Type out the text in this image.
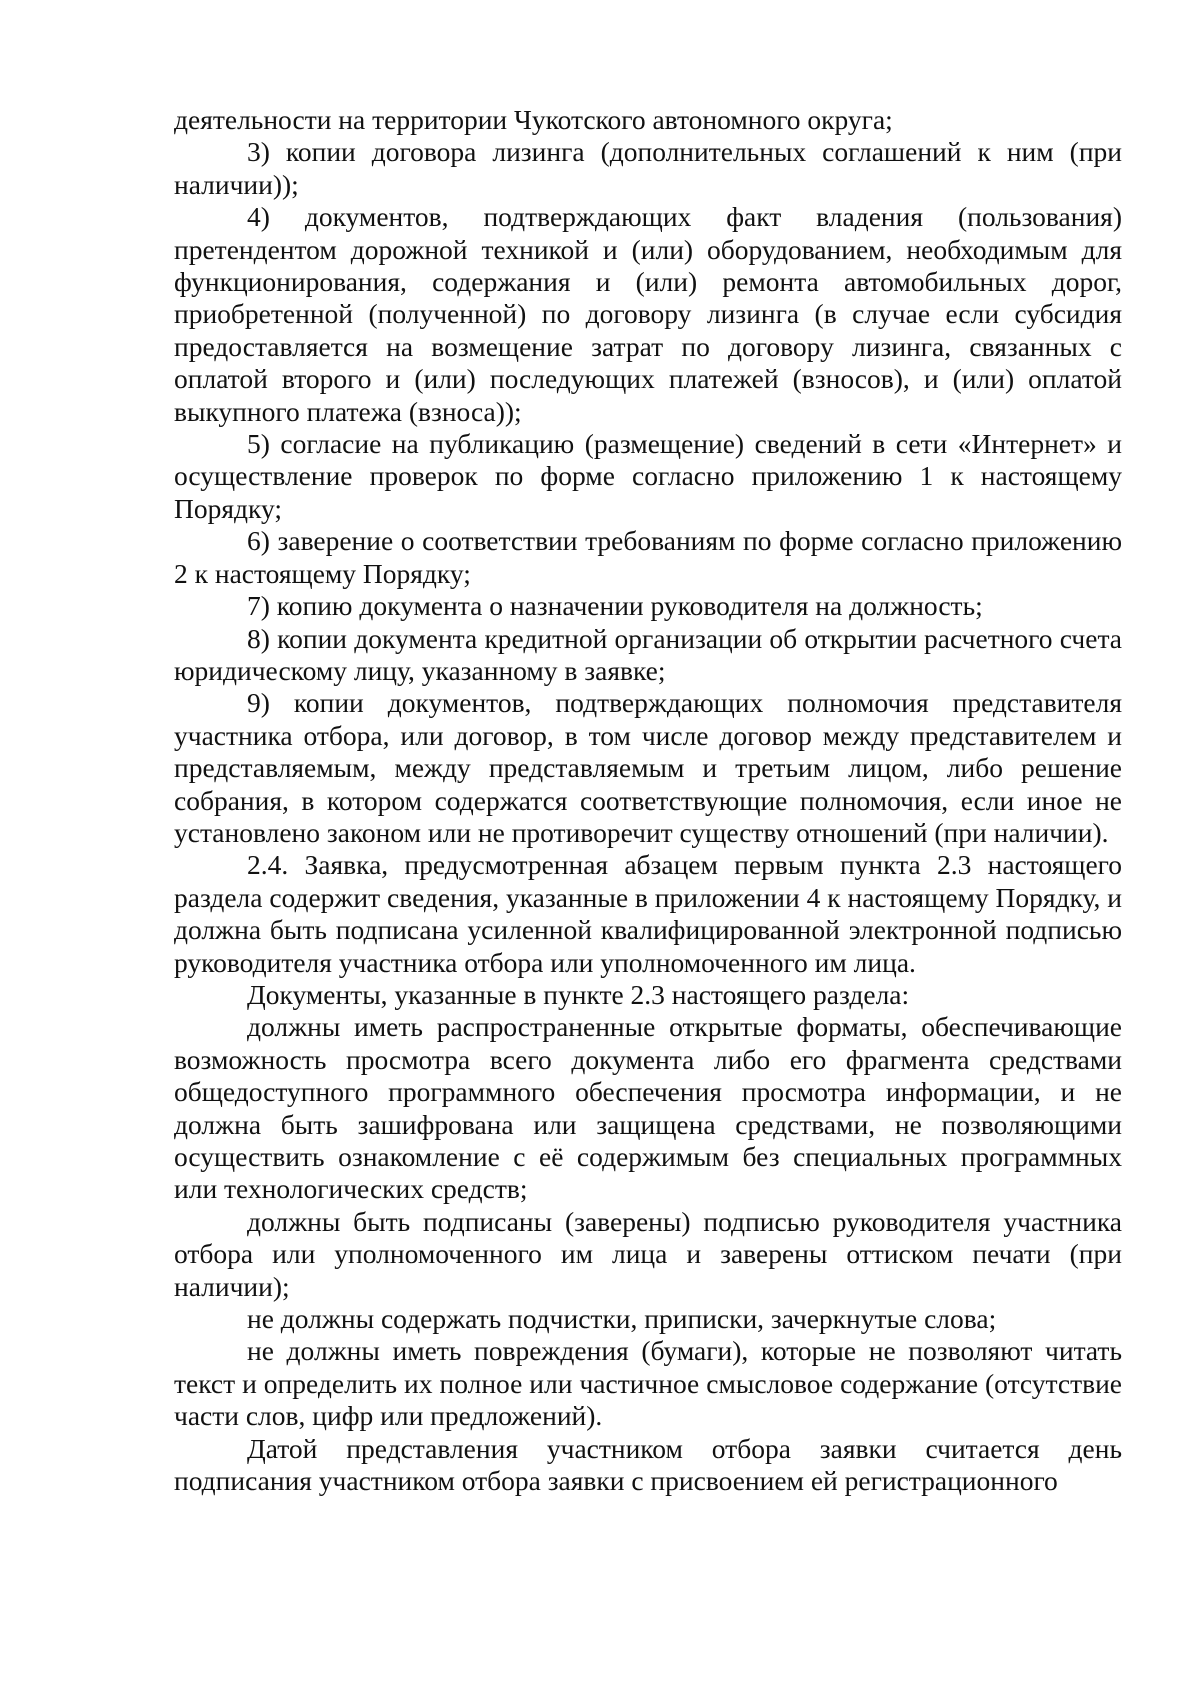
деятельности на территории Чукотского автономного округа;

3) копии договора лизинга (дополнительных соглашений к ним (при наличии));

4) документов, подтверждающих факт владения (пользования) претендентом дорожной техникой и (или) оборудованием, необходимым для функционирования, содержания и (или) ремонта автомобильных дорог, приобретенной (полученной) по договору лизинга (в случае если субсидия предоставляется на возмещение затрат по договору лизинга, связанных с оплатой второго и (или) последующих платежей (взносов), и (или) оплатой выкупного платежа (взноса));

5) согласие на публикацию (размещение) сведений в сети «Интернет» и осуществление проверок по форме согласно приложению 1 к настоящему Порядку;

6) заверение о соответствии требованиям по форме согласно приложению 2 к настоящему Порядку;

7) копию документа о назначении руководителя на должность;

8) копии документа кредитной организации об открытии расчетного счета юридическому лицу, указанному в заявке;

9) копии документов, подтверждающих полномочия представителя участника отбора, или договор, в том числе договор между представителем и представляемым, между представляемым и третьим лицом, либо решение собрания, в котором содержатся соответствующие полномочия, если иное не установлено законом или не противоречит существу отношений (при наличии).

2.4. Заявка, предусмотренная абзацем первым пункта 2.3 настоящего раздела содержит сведения, указанные в приложении 4 к настоящему Порядку, и должна быть подписана усиленной квалифицированной электронной подписью руководителя участника отбора или уполномоченного им лица.

Документы, указанные в пункте 2.3 настоящего раздела:

должны иметь распространенные открытые форматы, обеспечивающие возможность просмотра всего документа либо его фрагмента средствами общедоступного программного обеспечения просмотра информации, и не должна быть зашифрована или защищена средствами, не позволяющими осуществить ознакомление с её содержимым без специальных программных или технологических средств;

должны быть подписаны (заверены) подписью руководителя участника отбора или уполномоченного им лица и заверены оттиском печати (при наличии);

не должны содержать подчистки, приписки, зачеркнутые слова;

не должны иметь повреждения (бумаги), которые не позволяют читать текст и определить их полное или частичное смысловое содержание (отсутствие части слов, цифр или предложений).

Датой представления участником отбора заявки считается день подписания участником отбора заявки с присвоением ей регистрационного
